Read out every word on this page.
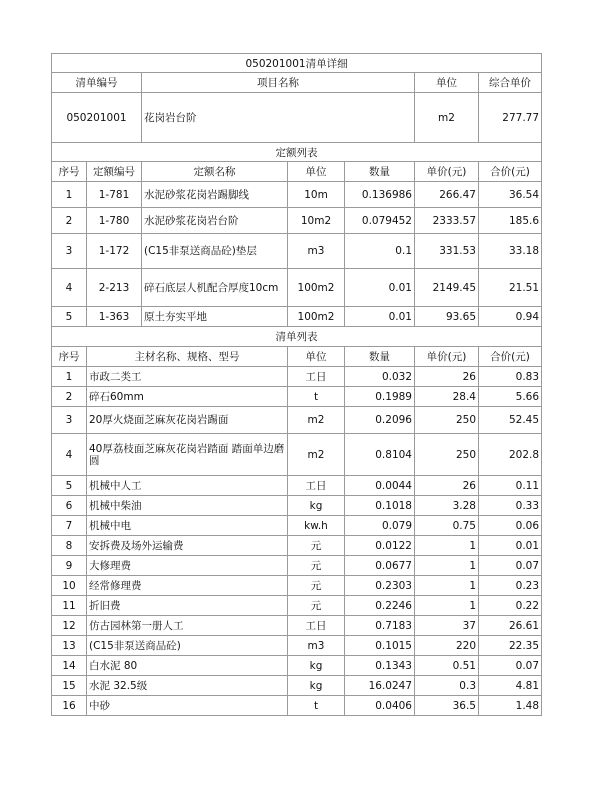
050201001清单详细						
清单编号		项目名称			单位	综合单价
050201001		花岗岩台阶			m2	277.77
定额列表						
序号	定额编号	定额名称	单位	数量	单价(元)	合价(元)
1	1-781	水泥砂浆花岗岩踢脚线	10m	0.136986	266.47	36.54
2	1-780	水泥砂浆花岗岩台阶	10m2	0.079452	2333.57	185.6
3	1-172	(C15非泵送商品砼)垫层	m3	0.1	331.53	33.18
4	2-213	碎石底层人机配合厚度10cm	100m2	0.01	2149.45	21.51
5	1-363	原土夯实平地	100m2	0.01	93.65	0.94
清单列表						
序号	主材名称、规格、型号		单位	数量	单价(元)	合价(元)
1	市政二类工		工日	0.032	26	0.83
2	碎石60mm		t	0.1989	28.4	5.66
3	20厚火烧面芝麻灰花岗岩踢面		m2	0.2096	250	52.45
4	40厚荔枝面芝麻灰花岗岩踏面 踏面单边磨圆		m2	0.8104	250	202.8
5	机械中人工		工日	0.0044	26	0.11
6	机械中柴油		kg	0.1018	3.28	0.33
7	机械中电		kw.h	0.079	0.75	0.06
8	安拆费及场外运输费		元	0.0122	1	0.01
9	大修理费		元	0.0677	1	0.07
10	经常修理费		元	0.2303	1	0.23
11	折旧费		元	0.2246	1	0.22
12	仿古园林第一册人工		工日	0.7183	37	26.61
13	(C15非泵送商品砼)		m3	0.1015	220	22.35
14	白水泥 80		kg	0.1343	0.51	0.07
15	水泥 32.5级		kg	16.0247	0.3	4.81
16	中砂		t	0.0406	36.5	1.48
